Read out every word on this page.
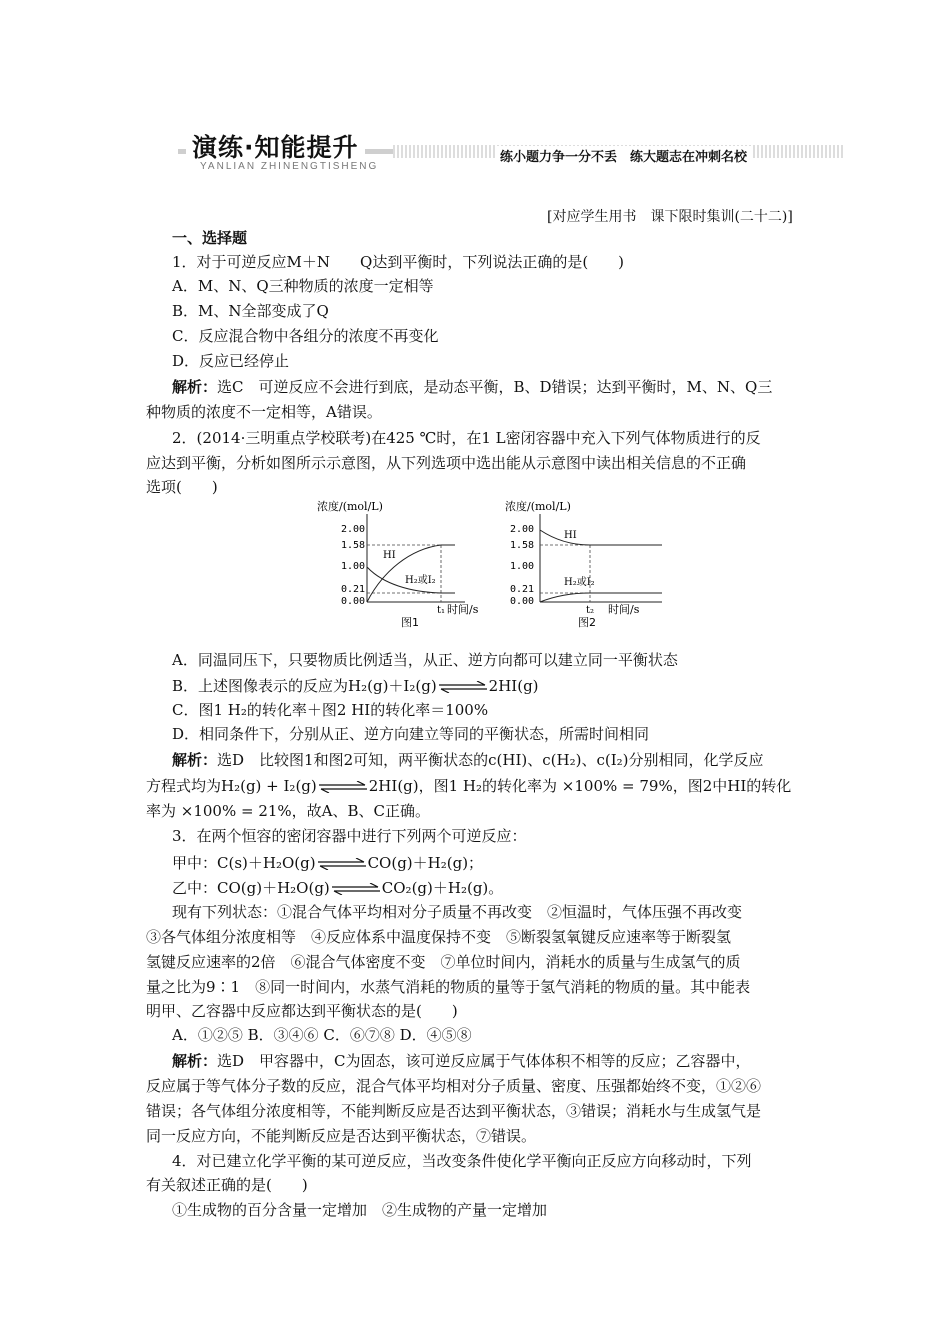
演练·知能提升
YANLIAN ZHINENGTISHENG
练小题力争一分不丢　练大题志在冲刺名校
[对应学生用书　课下限时集训(二十二)]
一、选择题
1．对于可逆反应M＋N　　Q达到平衡时，下列说法正确的是(　　)
A．M、N、Q三种物质的浓度一定相等
B．M、N全部变成了Q
C．反应混合物中各组分的浓度不再变化
D．反应已经停止
解析：选C　可逆反应不会进行到底，是动态平衡，B、D错误；达到平衡时，M、N、Q三
种物质的浓度不一定相等，A错误。
2．(2014·三明重点学校联考)在425 ℃时，在1 L密闭容器中充入下列气体物质进行的反
应达到平衡，分析如图所示示意图，从下列选项中选出能从示意图中读出相关信息的不正确
选项(　　)
浓度/(mol/L)
2.00
1.58
1.00
0.21
0.00
HI
H₂或I₂
t₁ 时间/s
图1
浓度/(mol/L)
2.00
1.58
1.00
0.21
0.00
HI
H₂或I₂
t₂ 时间/s
图2
A．同温同压下，只要物质比例适当，从正、逆方向都可以建立同一平衡状态
B．上述图像表示的反应为H₂(g)＋I₂(g)⇌2HI(g)
C．图1 H₂的转化率＋图2 HI的转化率＝100%
D．相同条件下，分别从正、逆方向建立等同的平衡状态，所需时间相同
解析：选D　比较图1和图2可知，两平衡状态的c(HI)、c(H₂)、c(I₂)分别相同，化学反应
方程式均为H₂(g) + I₂(g)⇌2HI(g)，图1 H₂的转化率为 ×100% = 79%，图2中HI的转化
率为 ×100% = 21%，故A、B、C正确。
3．在两个恒容的密闭容器中进行下列两个可逆反应：
甲中：C(s)＋H₂O(g)⇌CO(g)＋H₂(g)；
乙中：CO(g)＋H₂O(g)⇌CO₂(g)＋H₂(g)。
现有下列状态：①混合气体平均相对分子质量不再改变　②恒温时，气体压强不再改变
③各气体组分浓度相等　④反应体系中温度保持不变　⑤断裂氢氧键反应速率等于断裂氢
氢键反应速率的2倍　⑥混合气体密度不变　⑦单位时间内，消耗水的质量与生成氢气的质
量之比为9∶1　⑧同一时间内，水蒸气消耗的物质的量等于氢气消耗的物质的量。其中能表
明甲、乙容器中反应都达到平衡状态的是(　　)
A．①②⑤ B．③④⑥ C．⑥⑦⑧ D．④⑤⑧
解析：选D　甲容器中，C为固态，该可逆反应属于气体体积不相等的反应；乙容器中，
反应属于等气体分子数的反应，混合气体平均相对分子质量、密度、压强都始终不变，①②⑥
错误；各气体组分浓度相等，不能判断反应是否达到平衡状态，③错误；消耗水与生成氢气是
同一反应方向，不能判断反应是否达到平衡状态，⑦错误。
4．对已建立化学平衡的某可逆反应，当改变条件使化学平衡向正反应方向移动时，下列
有关叙述正确的是(　　)
①生成物的百分含量一定增加　②生成物的产量一定增加
